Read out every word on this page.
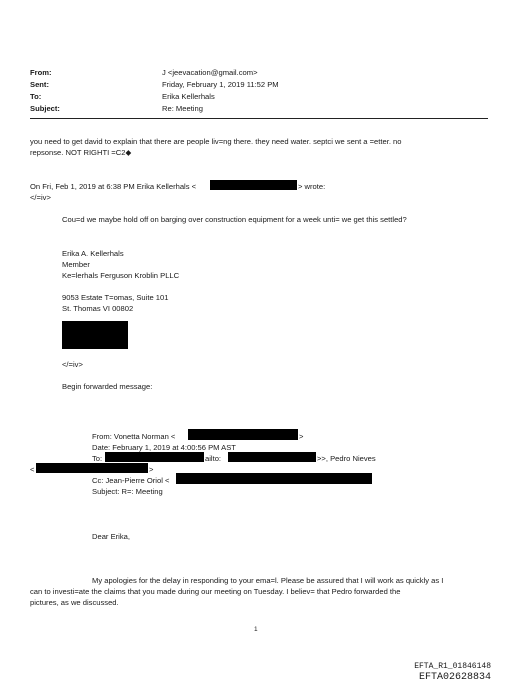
From:	J <jeevacation@gmail.com>
Sent:	Friday, February 1, 2019 11:52 PM
To:	Erika Kellerhals
Subject:	Re: Meeting
you need to get david to explain that there are people liv=ng there. they need water. septci we sent a =etter. no
repsonse. NOT RIGHTI =C2◆
On Fri, Feb 1, 2019 at 6:38 PM Erika Kellerhals <	> wrote:
</=iv>
Cou=d we maybe hold off on barging over construction equipment for a week unti= we get this settled?
Erika A. Kellerhals
Member
Ke=lerhals Ferguson Kroblin PLLC
9053 Estate T=omas, Suite 101
St. Thomas VI 00802
</=iv>
Begin forwarded message:
From: Vonetta Norman <	>
Date: February 1, 2019 at 4:00:56 PM AST
To:	ailto:	>>, Pedro Nieves
<	>
Cc: Jean-Pierre Oriol <
Subject: R=: Meeting
Dear Erika,
My apologies for the delay in responding to your ema=l. Please be assured that I will work as quickly as I
can to investi=ate the claims that you made during our meeting on Tuesday. I believ= that Pedro forwarded the
pictures, as we discussed.
1
EFTA_R1_01846148
EFTA02628834
